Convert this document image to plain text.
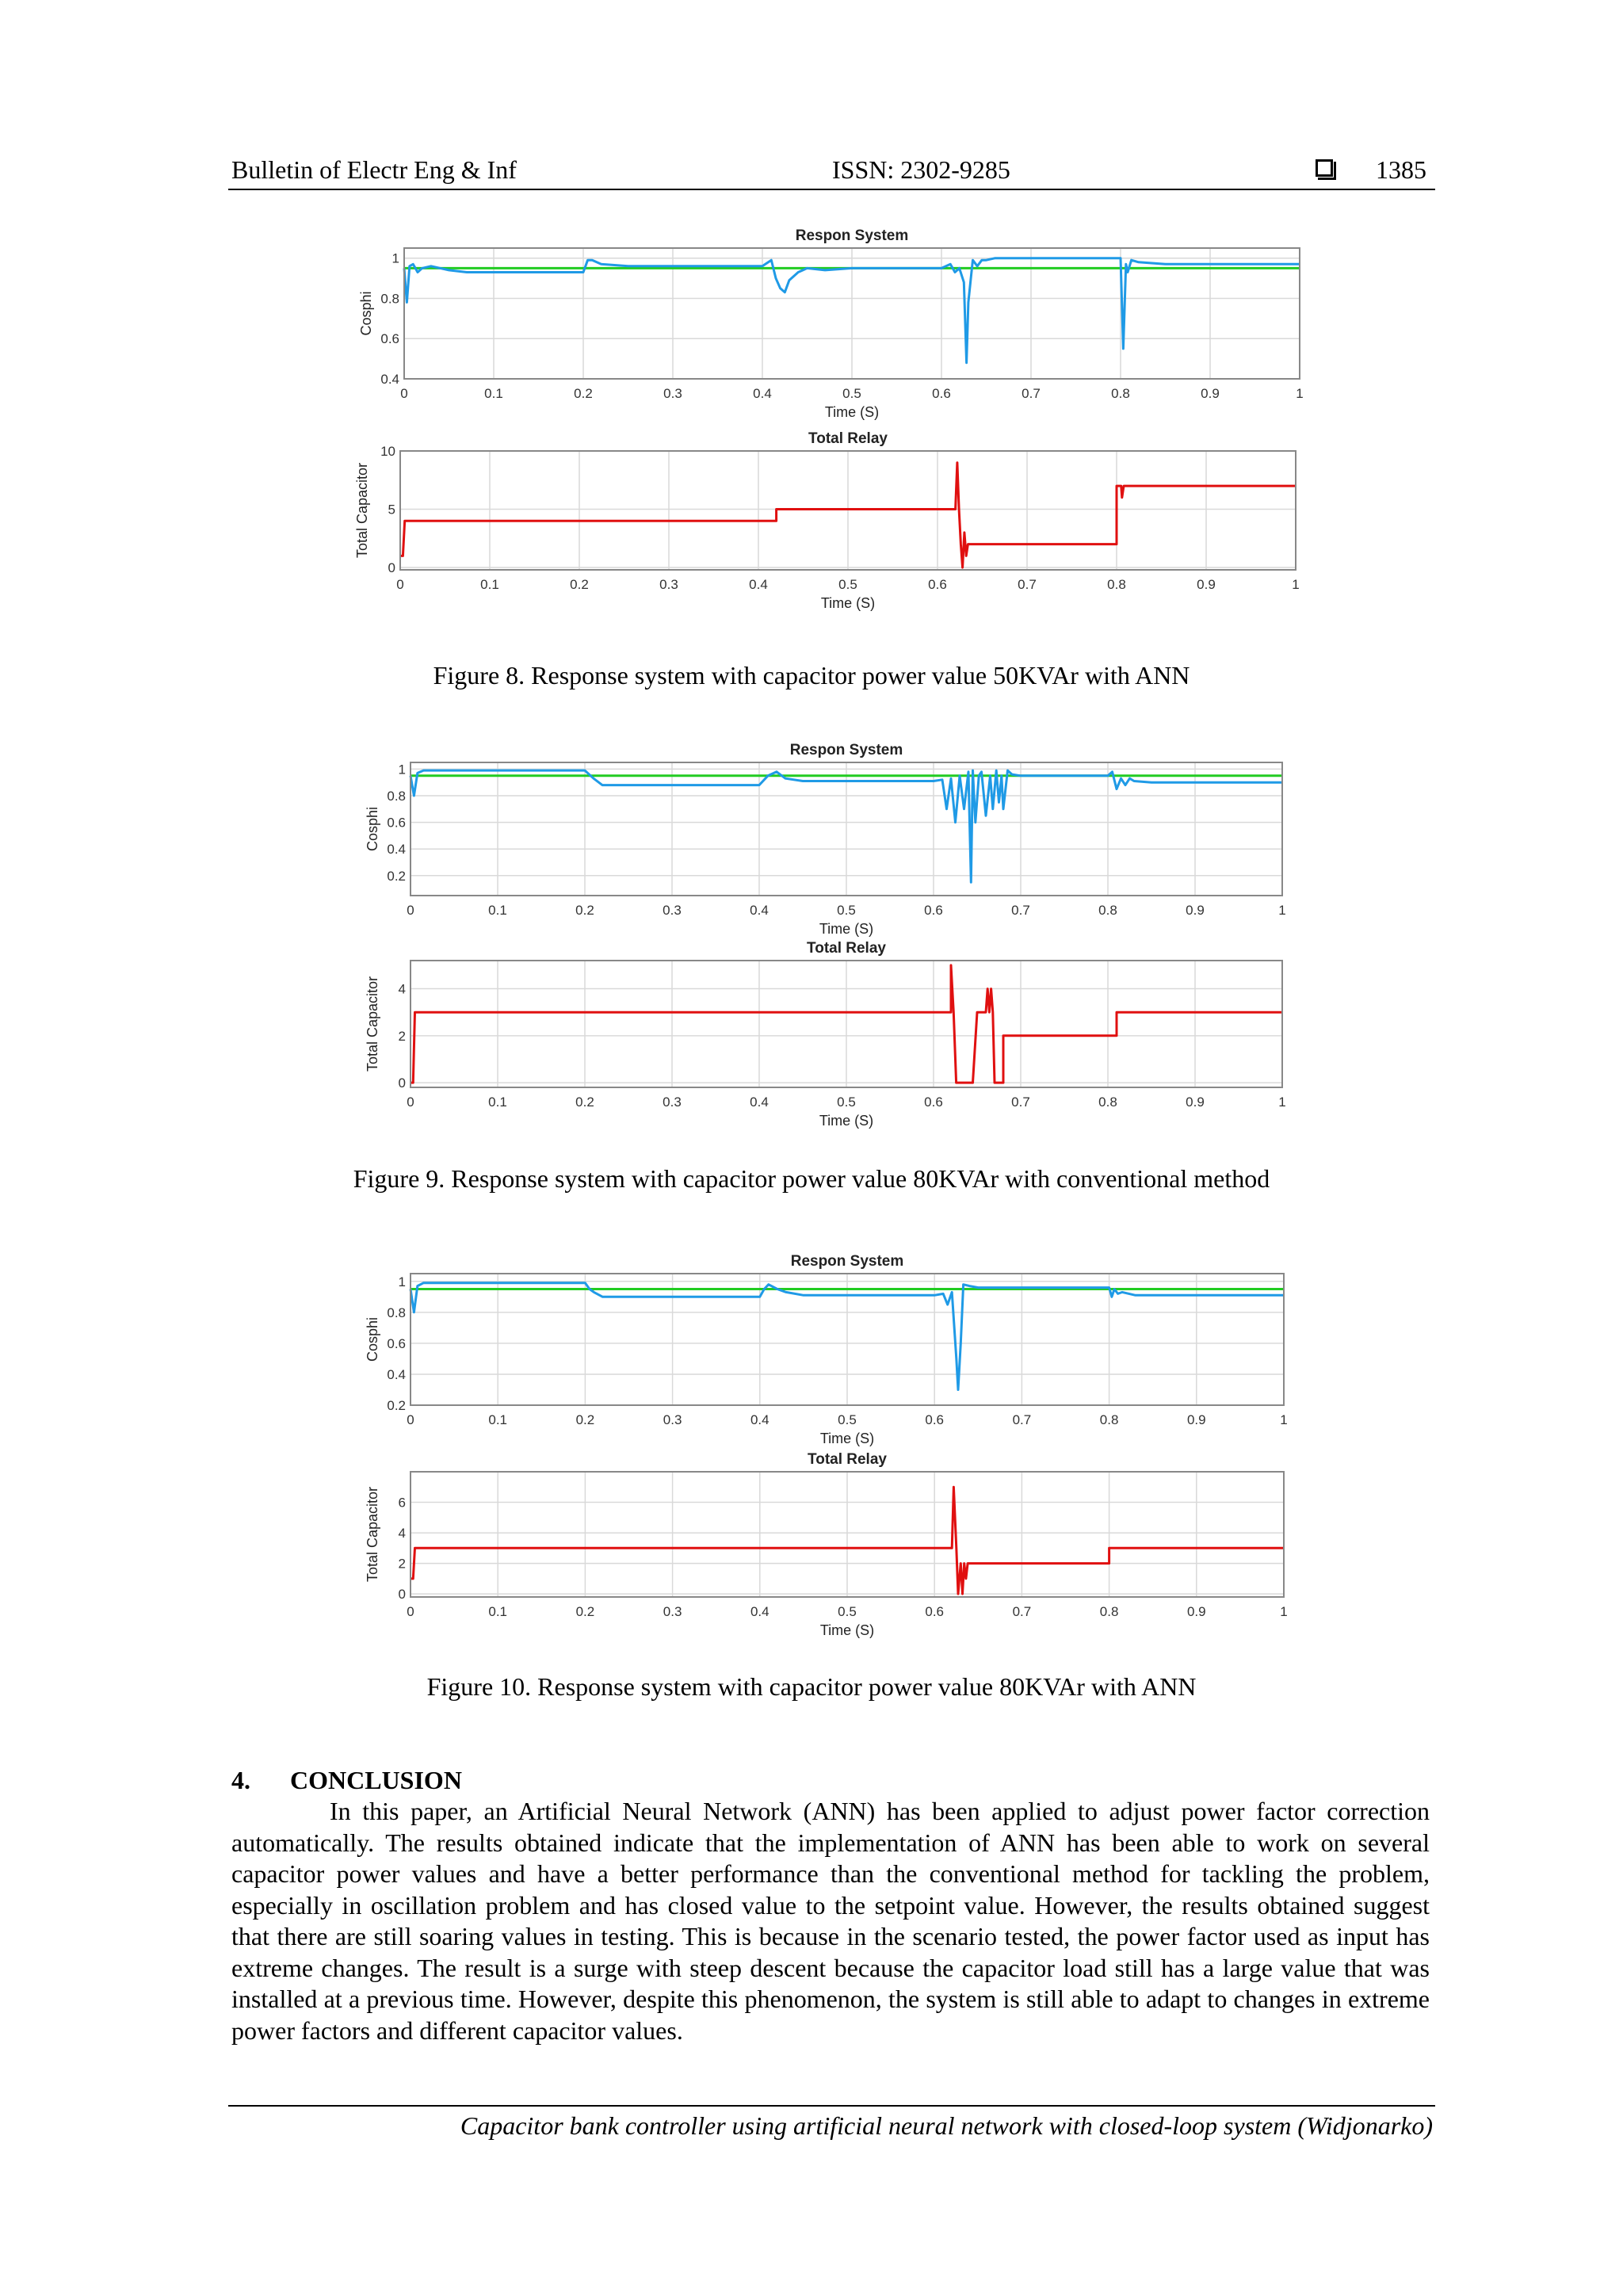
Bulletin of Electr Eng & Inf	ISSN: 2302-9285	1385
0	0.1	0.2	0.3	0.4	0.5	0.6	0.7	0.8	0.9	1
0.4
0.6
0.8
1
Respon System
Time (S)
Cosphi
0	0.1	0.2	0.3	0.4	0.5	0.6	0.7	0.8	0.9	1
0
5
10
Total Relay
Time (S)
Total Capacitor
Figure 8. Response system with capacitor power value 50KVAr with ANN
0	0.1	0.2	0.3	0.4	0.5	0.6	0.7	0.8	0.9	1
0.2
0.4
0.6
0.8
1
Respon System
Time (S)
Cosphi
0	0.1	0.2	0.3	0.4	0.5	0.6	0.7	0.8	0.9	1
0
2
4
Total Relay
Time (S)
Total Capacitor
Figure 9. Response system with capacitor power value 80KVAr with conventional method
0	0.1	0.2	0.3	0.4	0.5	0.6	0.7	0.8	0.9	1
0.2
0.4
0.6
0.8
1
Respon System
Time (S)
Cosphi
0	0.1	0.2	0.3	0.4	0.5	0.6	0.7	0.8	0.9	1
0
2
4
6
Total Relay
Time (S)
Total Capacitor
Figure 10. Response system with capacitor power value 80KVAr with ANN
4. CONCLUSION
In this paper, an Artificial Neural Network (ANN) has been applied to adjust power factor correction automatically. The results obtained indicate that the implementation of ANN has been able to work on several capacitor power values and have a better performance than the conventional method for tackling the problem, especially in oscillation problem and has closed value to the setpoint value. However, the results obtained suggest that there are still soaring values in testing. This is because in the scenario tested, the power factor used as input has extreme changes. The result is a surge with steep descent because the capacitor load still has a large value that was installed at a previous time. However, despite this phenomenon, the system is still able to adapt to changes in extreme power factors and different capacitor values.
Capacitor bank controller using artificial neural network with closed-loop system (Widjonarko)
